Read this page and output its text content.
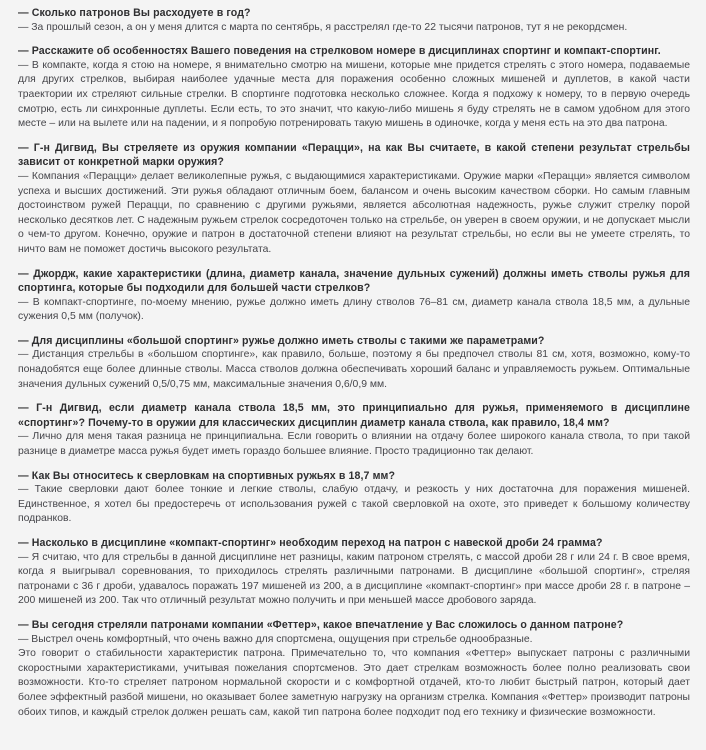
— Сколько патронов Вы расходуете в год?

— За прошлый сезон, а он у меня длится с марта по сентябрь, я расстрелял где-то 22 тысячи патронов, тут я не рекордсмен.

— Расскажите об особенностях Вашего поведения на стрелковом номере в дисциплинах спортинг и компакт-спортинг.

— В компакте, когда я стою на номере, я внимательно смотрю на мишени, которые мне придется стрелять с этого номера, подаваемые для других стрелков, выбирая наиболее удачные места для поражения особенно сложных мишеней и дуплетов, в какой части траектории их стреляют сильные стрелки. В спортинге подготовка несколько сложнее. Когда я подхожу к номеру, то в первую очередь смотрю, есть ли синхронные дуплеты. Если есть, то это значит, что какую-либо мишень я буду стрелять не в самом удобном для этого месте – или на вылете или на падении, и я попробую потренировать такую мишень в одиночке, когда у меня есть на это два патрона.

— Г-н Дигвид, Вы стреляете из оружия компании «Перацци», на как Вы считаете, в какой степени результат стрельбы зависит от конкретной марки оружия?

— Компания «Перацци» делает великолепные ружья, с выдающимися характеристиками. Оружие марки «Перацци» является символом успеха и высших достижений. Эти ружья обладают отличным боем, балансом и очень высоким качеством сборки. Но самым главным достоинством ружей Перацци, по сравнению с другими ружьями, является абсолютная надежность, ружье служит стрелку порой несколько десятков лет. С надежным ружьем стрелок сосредоточен только на стрельбе, он уверен в своем оружии, и не допускает мысли о чем-то другом. Конечно, оружие и патрон в достаточной степени влияют на результат стрельбы, но если вы не умеете стрелять, то ничто вам не поможет достичь высокого результата.

— Джордж, какие характеристики (длина, диаметр канала, значение дульных сужений) должны иметь стволы ружья для спортинга, которые бы подходили для большей части стрелков?

— В компакт-спортинге, по-моему мнению, ружье должно иметь длину стволов 76–81 см, диаметр канала ствола 18,5 мм, а дульные сужения 0,5 мм (получок).

— Для дисциплины «большой спортинг» ружье должно иметь стволы с такими же параметрами?

— Дистанция стрельбы в «большом спортинге», как правило, больше, поэтому я бы предпочел стволы 81 см, хотя, возможно, кому-то понадобятся еще более длинные стволы. Масса стволов должна обеспечивать хороший баланс и управляемость ружьем. Оптимальные значения дульных сужений 0,5/0,75 мм, максимальные значения 0,6/0,9 мм.

— Г-н Дигвид, если диаметр канала ствола 18,5 мм, это принципиально для ружья, применяемого в дисциплине «спортинг»? Почему-то в оружии для классических дисциплин диаметр канала ствола, как правило, 18,4 мм?

— Лично для меня такая разница не принципиальна. Если говорить о влиянии на отдачу более широкого канала ствола, то при такой разнице в диаметре масса ружья будет иметь гораздо большее влияние. Просто традиционно так делают.

— Как Вы относитесь к сверловкам на спортивных ружьях в 18,7 мм?

— Такие сверловки дают более тонкие и легкие стволы, слабую отдачу, и резкость у них достаточна для поражения мишеней. Единственное, я хотел бы предостеречь от использования ружей с такой сверловкой на охоте, это приведет к большому количеству подранков.

— Насколько в дисциплине «компакт-спортинг» необходим переход на патрон с навеской дроби 24 грамма?

— Я считаю, что для стрельбы в данной дисциплине нет разницы, каким патроном стрелять, с массой дроби 28 г или 24 г. В свое время, когда я выигрывал соревнования, то приходилось стрелять различными патронами. В дисциплине «большой спортинг», стреляя патронами с 36 г дроби, удавалось поражать 197 мишеней из 200, а в дисциплине «компакт-спортинг» при массе дроби 28 г. в патроне – 200 мишеней из 200. Так что отличный результат можно получить и при меньшей массе дробового заряда.

— Вы сегодня стреляли патронами компании «Феттер», какое впечатление у Вас сложилось о данном патроне?

— Выстрел очень комфортный, что очень важно для спортсмена, ощущения при стрельбе однообразные.

Это говорит о стабильности характеристик патрона. Примечательно то, что компания «Феттер» выпускает патроны с различными скоростными характеристиками, учитывая пожелания спортсменов. Это дает стрелкам возможность более полно реализовать свои возможности. Кто-то стреляет патроном нормальной скорости и с комфортной отдачей, кто-то любит быстрый патрон, который дает более эффектный разбой мишени, но оказывает более заметную нагрузку на организм стрелка. Компания «Феттер» производит патроны обоих типов, и каждый стрелок должен решать сам, какой тип патрона более подходит под его технику и физические возможности.
